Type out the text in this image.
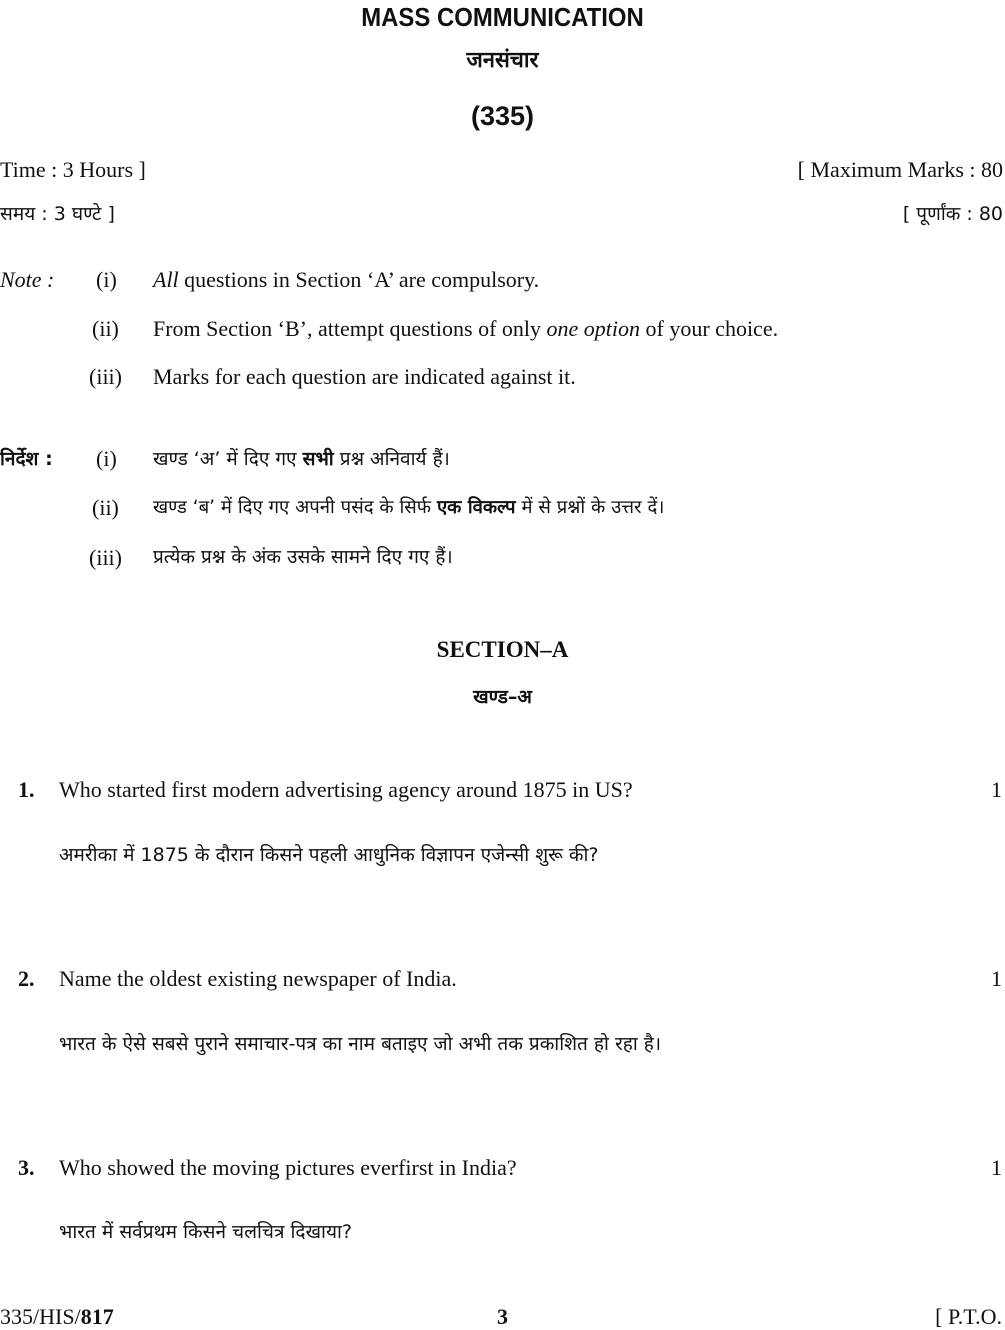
MASS COMMUNICATION
जनसंचार
(335)
Time : 3 Hours ]	[ Maximum Marks : 80
समय : 3 घण्टे ]	[ पूर्णांक : 80
Note : (i) All questions in Section ‘A’ are compulsory.
(ii) From Section ‘B’, attempt questions of only one option of your choice.
(iii) Marks for each question are indicated against it.
निर्देश : (i) खण्ड ‘अ’ में दिए गए सभी प्रश्न अनिवार्य हैं।
(ii) खण्ड ‘ब’ में दिए गए अपनी पसंद के सिर्फ एक विकल्प में से प्रश्नों के उत्तर दें।
(iii) प्रत्येक प्रश्न के अंक उसके सामने दिए गए हैं।
SECTION–A
खण्ड–अ
1. Who started first modern advertising agency around 1875 in US?	1
अमरीका में 1875 के दौरान किसने पहली आधुनिक विज्ञापन एजेन्सी शुरू की?
2. Name the oldest existing newspaper of India.	1
भारत के ऐसे सबसे पुराने समाचार-पत्र का नाम बताइए जो अभी तक प्रकाशित हो रहा है।
3. Who showed the moving pictures everfirst in India?	1
भारत में सर्वप्रथम किसने चलचित्र दिखाया?
335/HIS/817	3	[ P.T.O.
